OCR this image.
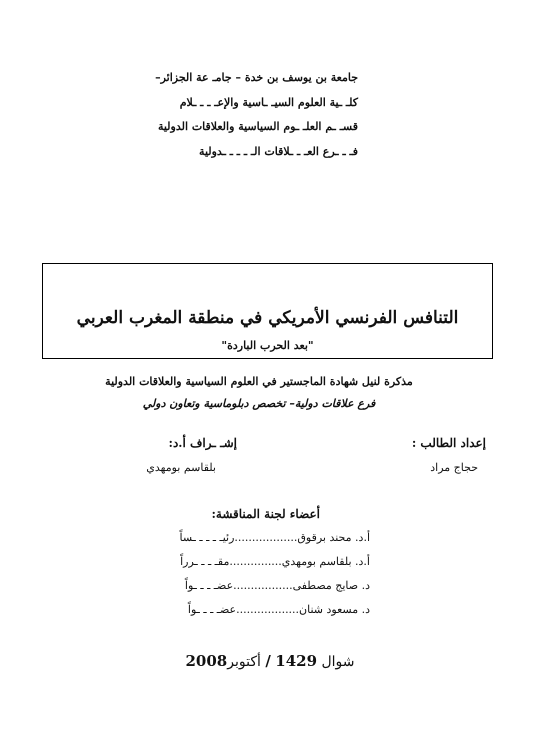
جامعة بن يوسف بن خدة – جامـ عة الجزائر–
كلـ ـية العلوم السيـ ـاسية والإعـ ـ ـ ـلام
قسـ ـم العلـ ـوم السياسية والعلاقات الدولية
فـ ـ ـرع العـ ـ ـلاقات الـ ـ ـ ـ ـدولية
التنافس الفرنسي الأمريكي في منطقة المغرب العربي
"بعد الحرب الباردة"
مذكرة لنيل شهادة الماجستير في العلوم السياسية والعلاقات الدولية
فرع علاقات دولية– تخصص دبلوماسية وتعاون دولي
إعداد الطالب :
حجاج مراد
إشـ ـراف أ.د:
بلقاسم بومهدي
أعضاء لجنة المناقشة:
أ.د. محند برقوق..................رئيـ ـ ـ ـ ـساً
أ.د. بلقاسم بومهدي...............مقـ ـ ـ ـرراً
د. صايج مصطفى.................عضـ ـ ـ ـواً
د. مسعود شنان..................عضـ ـ ـ ـواً
شوال 1429 / أكتوبر2008
